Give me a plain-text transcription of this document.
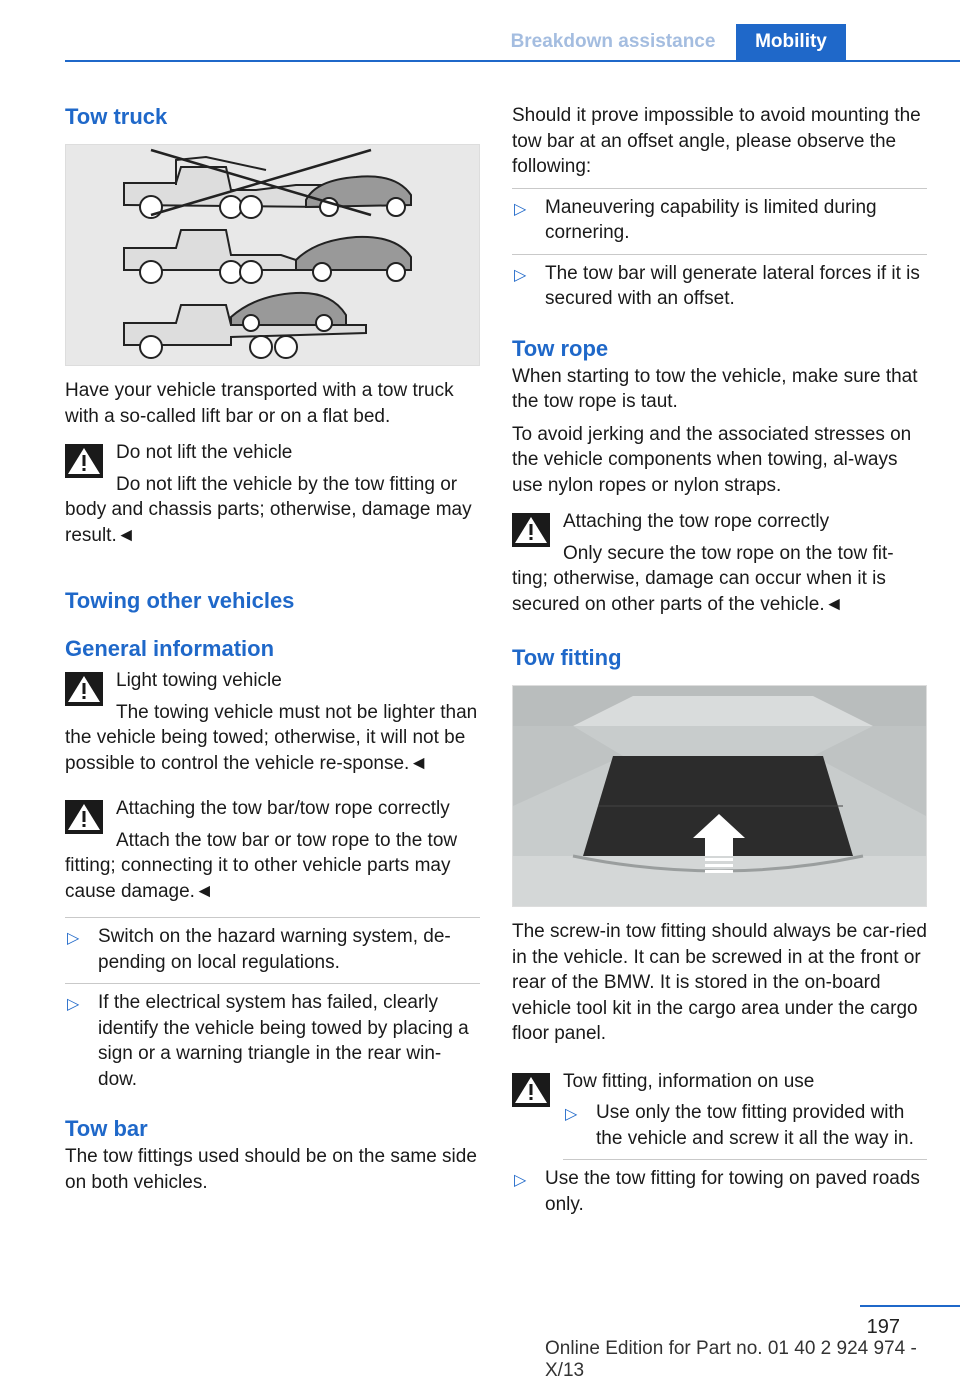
Breakdown assistance	Mobility
Tow truck

Have your vehicle transported with a tow truck with a so-called lift bar or on a flat bed.

Do not lift the vehicle

Do not lift the vehicle by the tow fitting or body and chassis parts; otherwise, damage may result.◄

Towing other vehicles
General information
Light towing vehicle

The towing vehicle must not be lighter than the vehicle being towed; otherwise, it will not be possible to control the vehicle re-sponse.◄

Attaching the tow bar/tow rope correctly

Attach the tow bar or tow rope to the tow fitting; connecting it to other vehicle parts may cause damage.◄

▷ Switch on the hazard warning system, de-pending on local regulations.
▷ If the electrical system has failed, clearly identify the vehicle being towed by placing a sign or a warning triangle in the rear win-dow.
Tow bar

The tow fittings used should be on the same side on both vehicles.

Should it prove impossible to avoid mounting the tow bar at an offset angle, please observe the following:

▷ Maneuvering capability is limited during cornering.
▷ The tow bar will generate lateral forces if it is secured with an offset.
Tow rope

When starting to tow the vehicle, make sure that the tow rope is taut.

To avoid jerking and the associated stresses on the vehicle components when towing, al-ways use nylon ropes or nylon straps.

Attaching the tow rope correctly

Only secure the tow rope on the tow fit-ting; otherwise, damage can occur when it is secured on other parts of the vehicle.◄

Tow fitting

The screw-in tow fitting should always be car-ried in the vehicle. It can be screwed in at the front or rear of the BMW. It is stored in the on-board vehicle tool kit in the cargo area under the cargo floor panel.

Tow fitting, information on use
▷ Use only the tow fitting provided with the vehicle and screw it all the way in.
▷ Use the tow fitting for towing on paved roads only.
197
Online Edition for Part no. 01 40 2 924 974 - X/13
